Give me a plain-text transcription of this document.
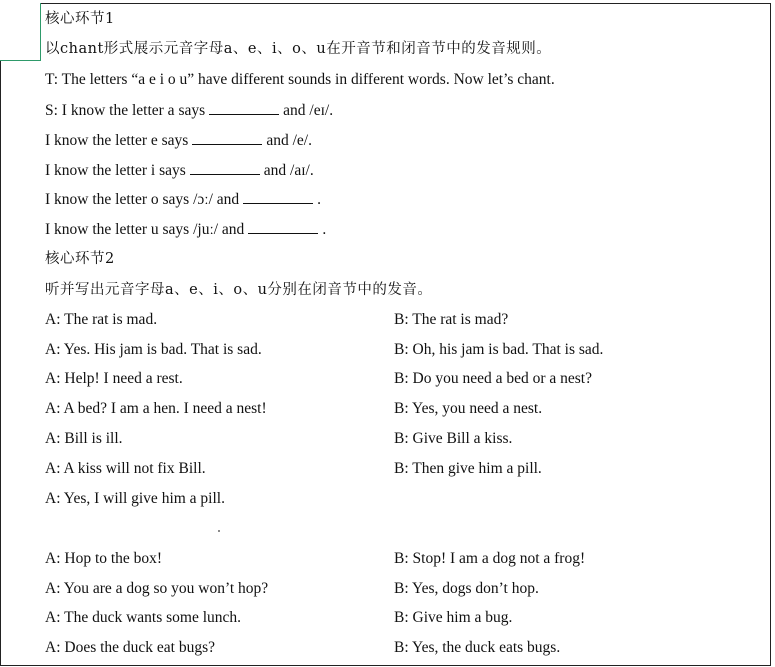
核心环节1
以chant形式展示元音字母a、e、i、o、u在开音节和闭音节中的发音规则。
T: The letters “a e i o u” have different sounds in different words. Now let’s chant.
S: I know the letter a says	and /eɪ/.
I know the letter e says	and /e/.
I know the letter i says	and /aɪ/.
I know the letter o says /ɔː/ and	.
I know the letter u says /juː/ and	.
核心环节2
听并写出元音字母a、e、i、o、u分别在闭音节中的发音。
A: The rat is mad.	B: The rat is mad?
A: Yes. His jam is bad. That is sad.	B: Oh, his jam is bad. That is sad.
A: Help! I need a rest.	B: Do you need a bed or a nest?
A: A bed? I am a hen. I need a nest!	B: Yes, you need a nest.
A: Bill is ill.	B: Give Bill a kiss.
A: A kiss will not fix Bill.	B: Then give him a pill.
A: Yes, I will give him a pill.
A: Hop to the box!	B: Stop! I am a dog not a frog!
A: You are a dog so you won’t hop?	B: Yes, dogs don’t hop.
A: The duck wants some lunch.	B: Give him a bug.
A: Does the duck eat bugs?	B: Yes, the duck eats bugs.
